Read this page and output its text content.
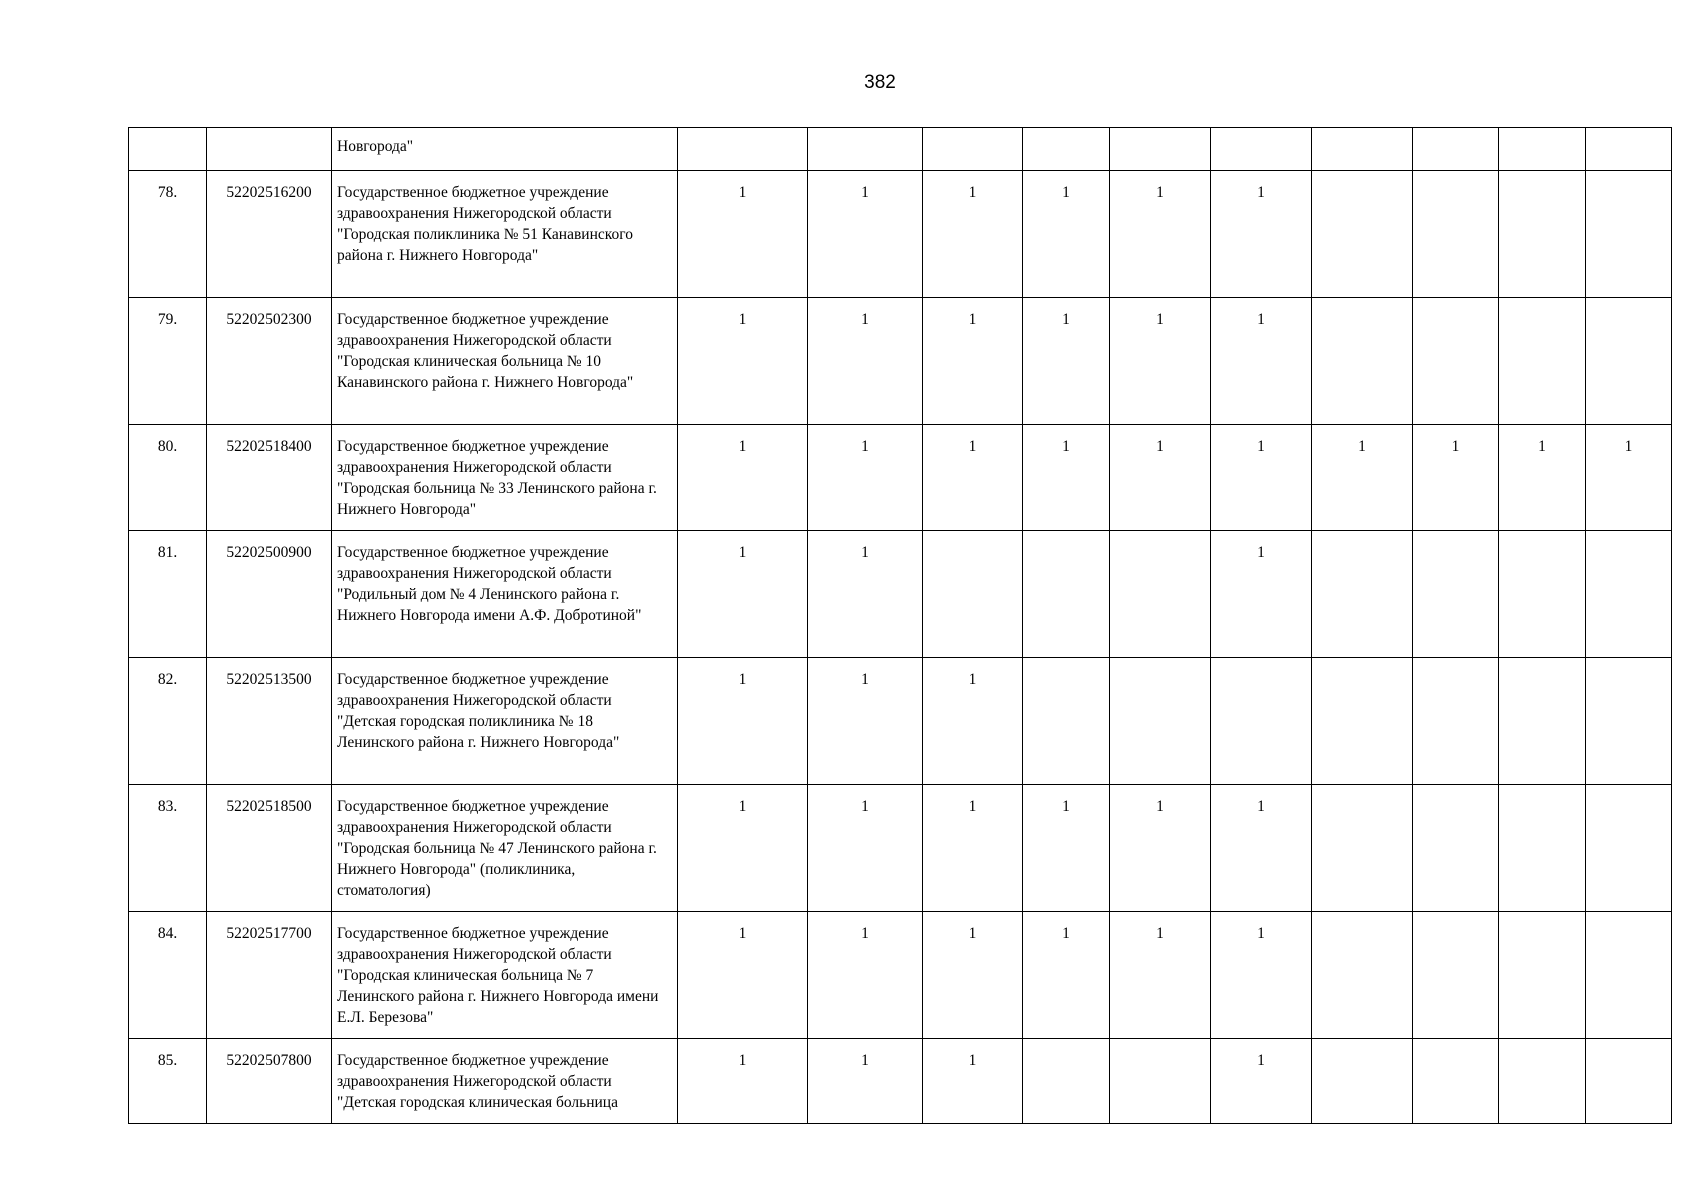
382
		Новгорода"										
78.	52202516200	Государственное бюджетное учреждение здравоохранения Нижегородской области "Городская поликлиника № 51 Канавинского района г. Нижнего Новгорода"	1	1	1	1	1	1				
79.	52202502300	Государственное бюджетное учреждение здравоохранения Нижегородской области "Городская клиническая больница № 10 Канавинского района г. Нижнего Новгорода"	1	1	1	1	1	1				
80.	52202518400	Государственное бюджетное учреждение здравоохранения Нижегородской области "Городская больница № 33 Ленинского района г. Нижнего Новгорода"	1	1	1	1	1	1	1	1	1	1
81.	52202500900	Государственное бюджетное учреждение здравоохранения Нижегородской области "Родильный дом № 4 Ленинского района г. Нижнего Новгорода имени А.Ф. Добротиной"	1	1				1				
82.	52202513500	Государственное бюджетное учреждение здравоохранения Нижегородской области "Детская городская поликлиника № 18 Ленинского района г. Нижнего Новгорода"	1	1	1							
83.	52202518500	Государственное бюджетное учреждение здравоохранения Нижегородской области "Городская больница № 47 Ленинского района г. Нижнего Новгорода" (поликлиника, стоматология)	1	1	1	1	1	1				
84.	52202517700	Государственное бюджетное учреждение здравоохранения Нижегородской области "Городская клиническая больница № 7 Ленинского района г. Нижнего Новгорода имени Е.Л. Березова"	1	1	1	1	1	1				
85.	52202507800	Государственное бюджетное учреждение здравоохранения Нижегородской области "Детская городская клиническая больница	1	1	1			1				
